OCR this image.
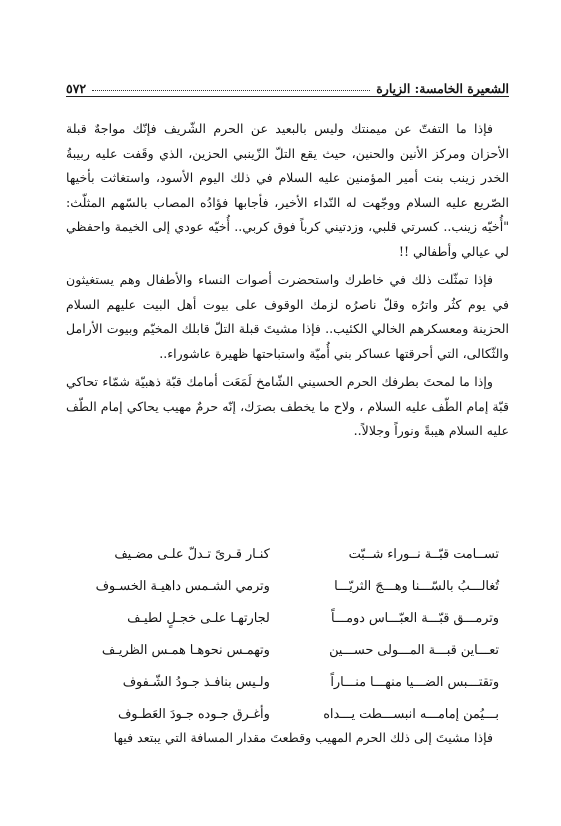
الشعيرة الخامسة: الزيارة
٥٧٢

فإذا ما التفتّ عن ميمنتك وليس بالبعيد عن الحرم الشّريف فإنّك مواجهٌ قبلة الأحزان ومركز الأنين والحنين، حيث يقع التلّ الزّينبي الحزين، الذي وقَفت عليه ربيبةُ الخدر زينب بنت أمير المؤمنين عليه السلام في ذلك اليوم الأسود، واستغاثت بأخيها الصّريع عليه السلام ووجّهت له النّداء الأخير، فأجابها فؤادُه المصاب بالسّهم المثلّث: "أُخيّه زينب.. كسرتي قلبي، وزدتيني كرباً فوق كربي.. أُخيّه عودي إلى الخيمة واحفظي لي عيالي وأطفالي !!

فإذا تمثّلت ذلك في خاطرك واستحضرت أصوات النساء والأطفال وهم يستغيثون في يوم كثُر واترُه وقلّ ناصرُه لزمك الوقوف على بيوت أهل البيت عليهم السلام الحزينة ومعسكرهم الخالي الكئيب.. فإذا مشيتَ قبلة التلّ قابلك المخيّم وبيوت الأرامل والثّكالى، التي أحرقتها عساكر بني أُميّة واستباحتها ظهيرة عاشوراء..

وإذا ما لمحتَ بطرفك الحرم الحسيني الشّامخ لَمَعَت أمامك قبّة ذهبيّة شمّاء تحاكي قبّة إمام الطّف عليه السلام ، ولاح ما يخطف بصرَك، إنّه حرمٌ مهيب يحاكي إمام الطّف عليه السلام هيبةً ونوراً وجلالاً..

تســامت قبّــة نــوراء شــبّت
كنـار قـرىً تـدلّ علـى مضـيف
تُغالـــبُ بالسّـــنا وهـــجَ الثريّـــا
وترمي الشـمس داهيـة الخسـوف
وترمـــق قبّـــة العبّـــاس دومـــاً
لجارتهـا علـى خجـلٍ لطيـف
تعـــاين قبـــة المـــولى حســـين
وتهمـس نحوهـا همـس الظريـف
وتقتـــبس الضـــيا منهـــا منـــاراً
ولـيس بنافـذ جـودُ الشّـفوف
بـــيُمن إمامـــه انبســـطت يـــداه
وأغـرق جـوده جـودَ العَطـوف
فإذا مشيتَ إلى ذلك الحرم المهيب وقطعتَ مقدار المسافة التي يبتعد فيها
